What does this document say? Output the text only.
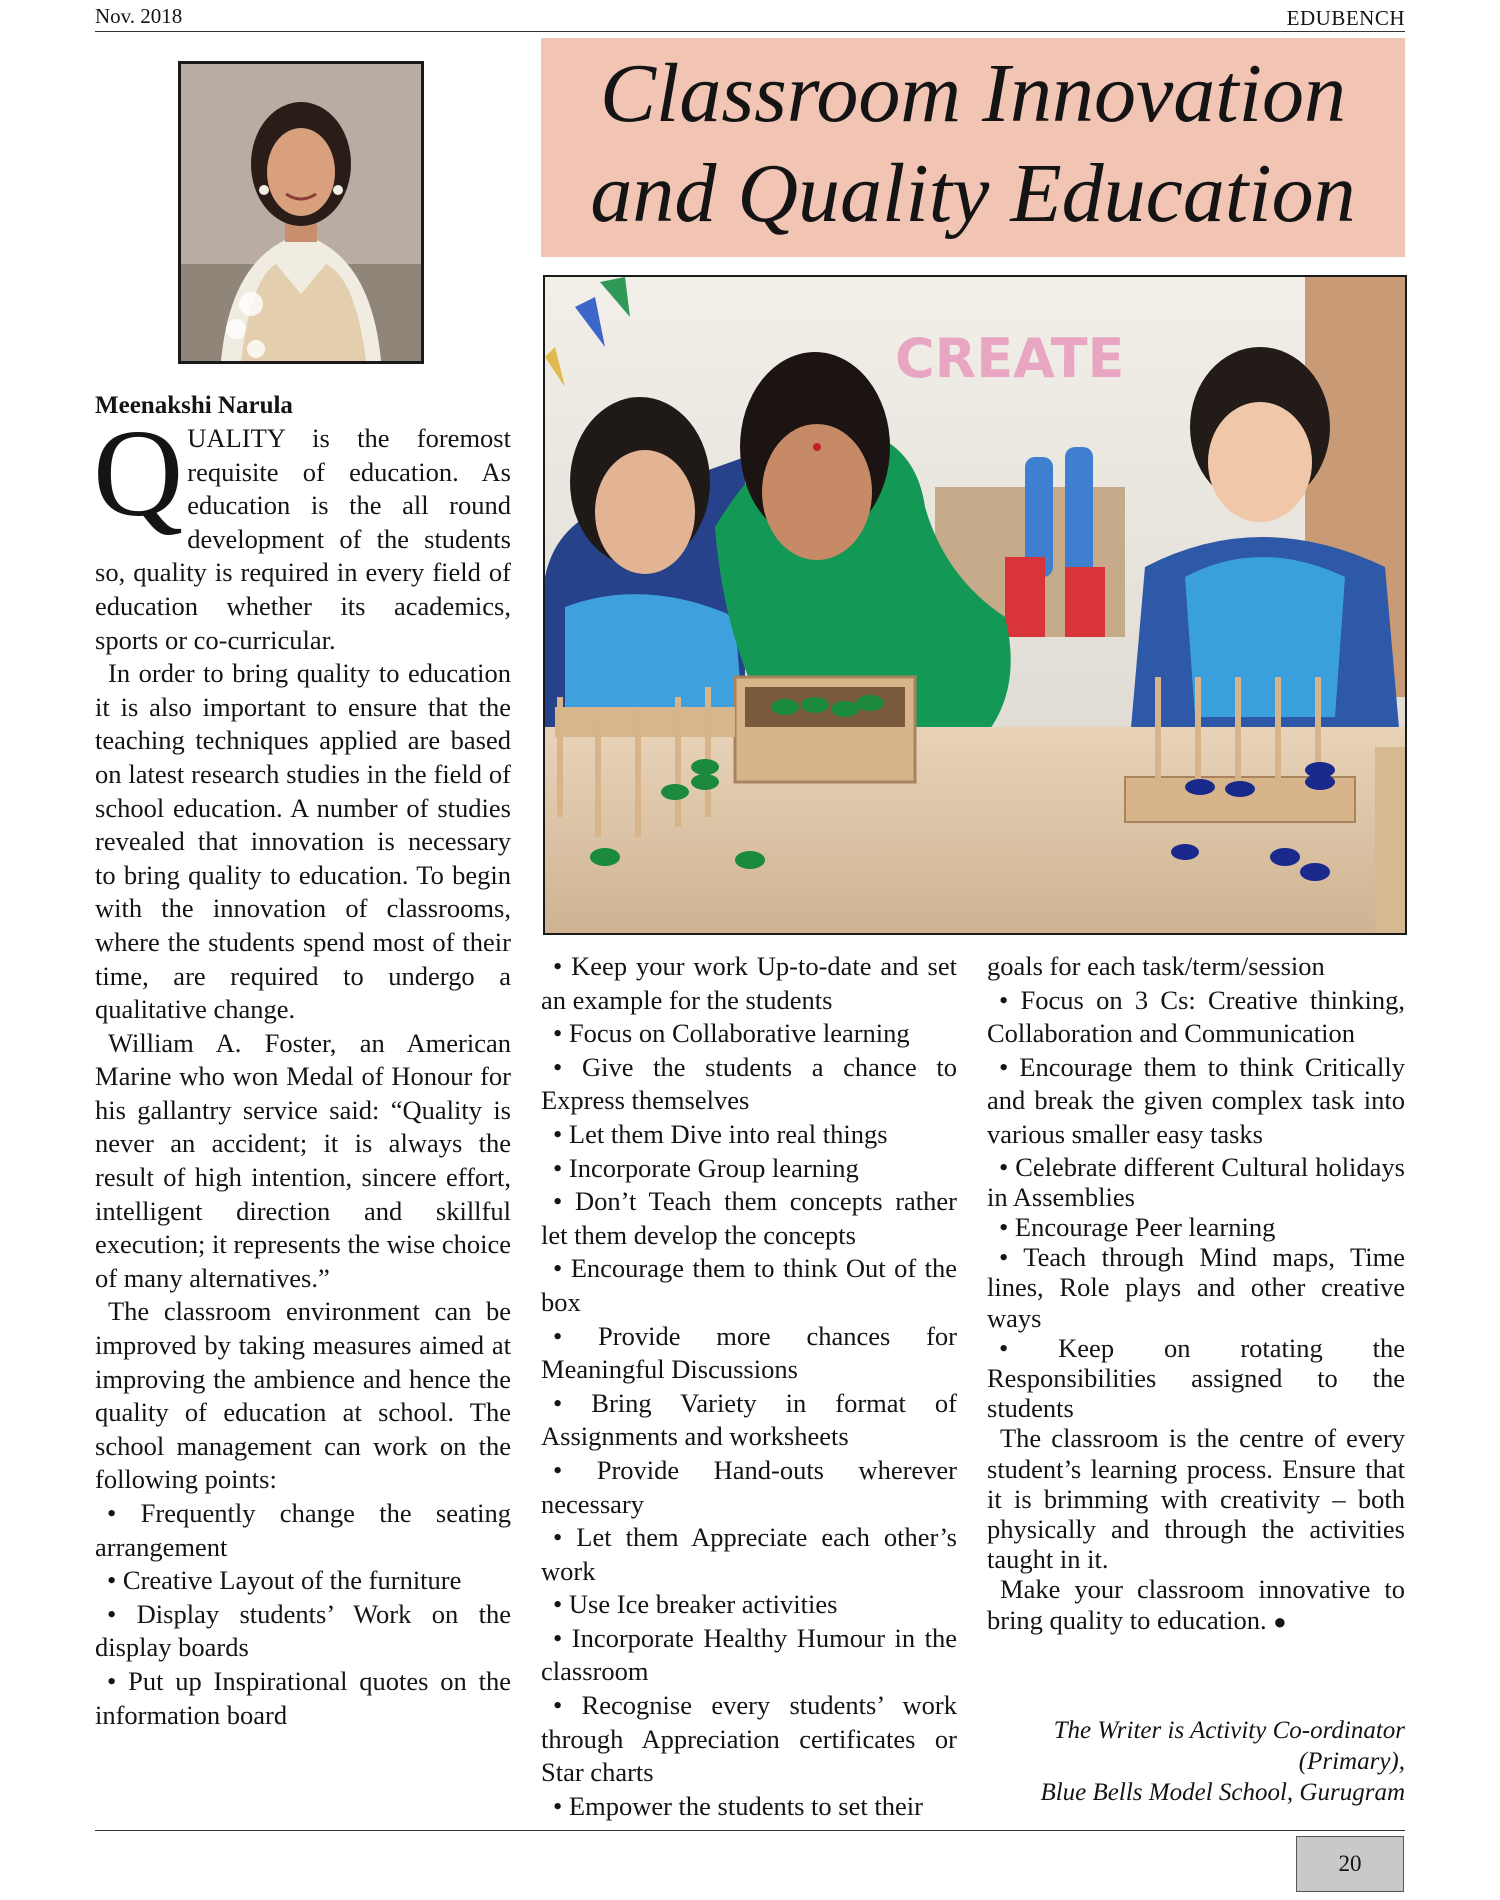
Nov. 2018	EDUBENCH
Classroom Innovation
and Quality Education
CREATE
Meenakshi Narula

QUALITY is the foremost requisite of education. As education is the all round development of the students so, quality is required in every field of education whether its academics, sports or co-curricular.

In order to bring quality to education it is also important to ensure that the teaching techniques applied are based on latest research studies in the field of school education. A number of studies revealed that innovation is necessary to bring quality to education. To begin with the innovation of classrooms, where the students spend most of their time, are required to undergo a qualitative change.

William A. Foster, an American Marine who won Medal of Honour for his gallantry service said: “Quality is never an accident; it is always the result of high intention, sincere effort, intelligent direction and skillful execution; it represents the wise choice of many alternatives.”

The classroom environment can be improved by taking measures aimed at improving the ambience and hence the quality of education at school. The school management can work on the following points:

• Frequently change the seating arrangement

• Creative Layout of the furniture

• Display students’ Work on the display boards

• Put up Inspirational quotes on the information board

• Keep your work Up-to-date and set an example for the students

• Focus on Collaborative learning

• Give the students a chance to Express themselves

• Let them Dive into real things

• Incorporate Group learning

• Don’t Teach them concepts rather let them develop the concepts

• Encourage them to think Out of the box

• Provide more chances for Meaningful Discussions

• Bring Variety in format of Assignments and worksheets

• Provide Hand-outs wherever necessary

• Let them Appreciate each other’s work

• Use Ice breaker activities

• Incorporate Healthy Humour in the classroom

• Recognise every students’ work through Appreciation certificates or Star charts

• Empower the students to set their

goals for each task/term/session

• Focus on 3 Cs: Creative thinking, Collaboration and Communication

• Encourage them to think Critically and break the given complex task into various smaller easy tasks

• Celebrate different Cultural holidays in Assemblies

• Encourage Peer learning

• Teach through Mind maps, Time lines, Role plays and other creative ways

• Keep on rotating the Responsibilities assigned to the students

The classroom is the centre of every student’s learning process. Ensure that it is brimming with creativity – both physically and through the activities taught in it.

Make your classroom innovative to bring quality to education. ●

The Writer is Activity Co-ordinator
(Primary),
Blue Bells Model School, Gurugram
20
